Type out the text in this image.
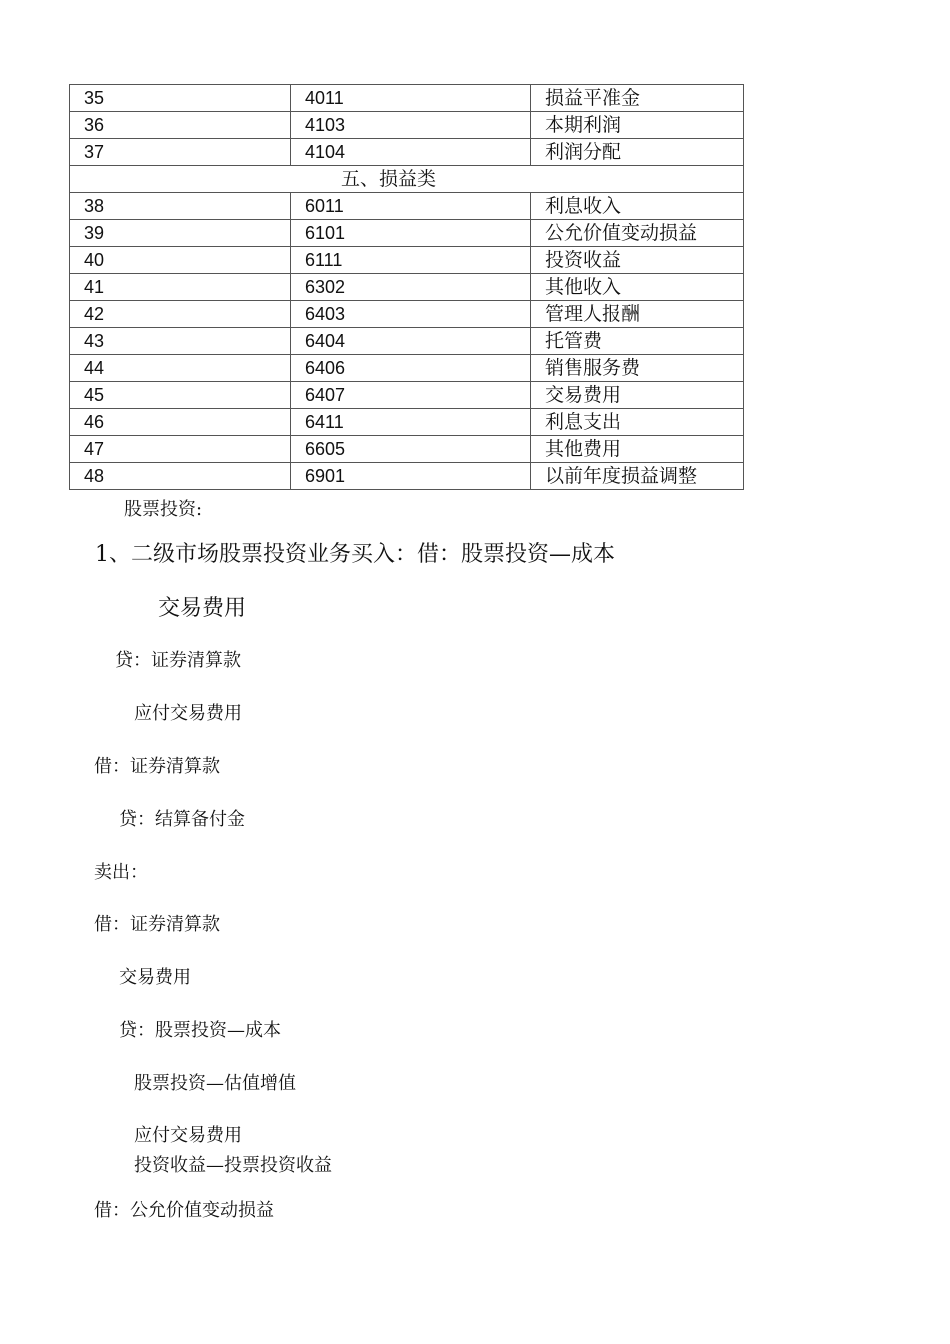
35	4011	损益平准金
36	4103	本期利润
37	4104	利润分配
五、损益类		
38	6011	利息收入
39	6101	公允价值变动损益
40	6111	投资收益
41	6302	其他收入
42	6403	管理人报酬
43	6404	托管费
44	6406	销售服务费
45	6407	交易费用
46	6411	利息支出
47	6605	其他费用
48	6901	以前年度损益调整
股票投资:
1、二级市场股票投资业务买入：借：股票投资—成本
交易费用
贷：证券清算款
应付交易费用
借：证券清算款
贷：结算备付金
卖出：
借：证券清算款
交易费用
贷：股票投资—成本
股票投资—估值增值
应付交易费用
投资收益—投票投资收益
借：公允价值变动损益
